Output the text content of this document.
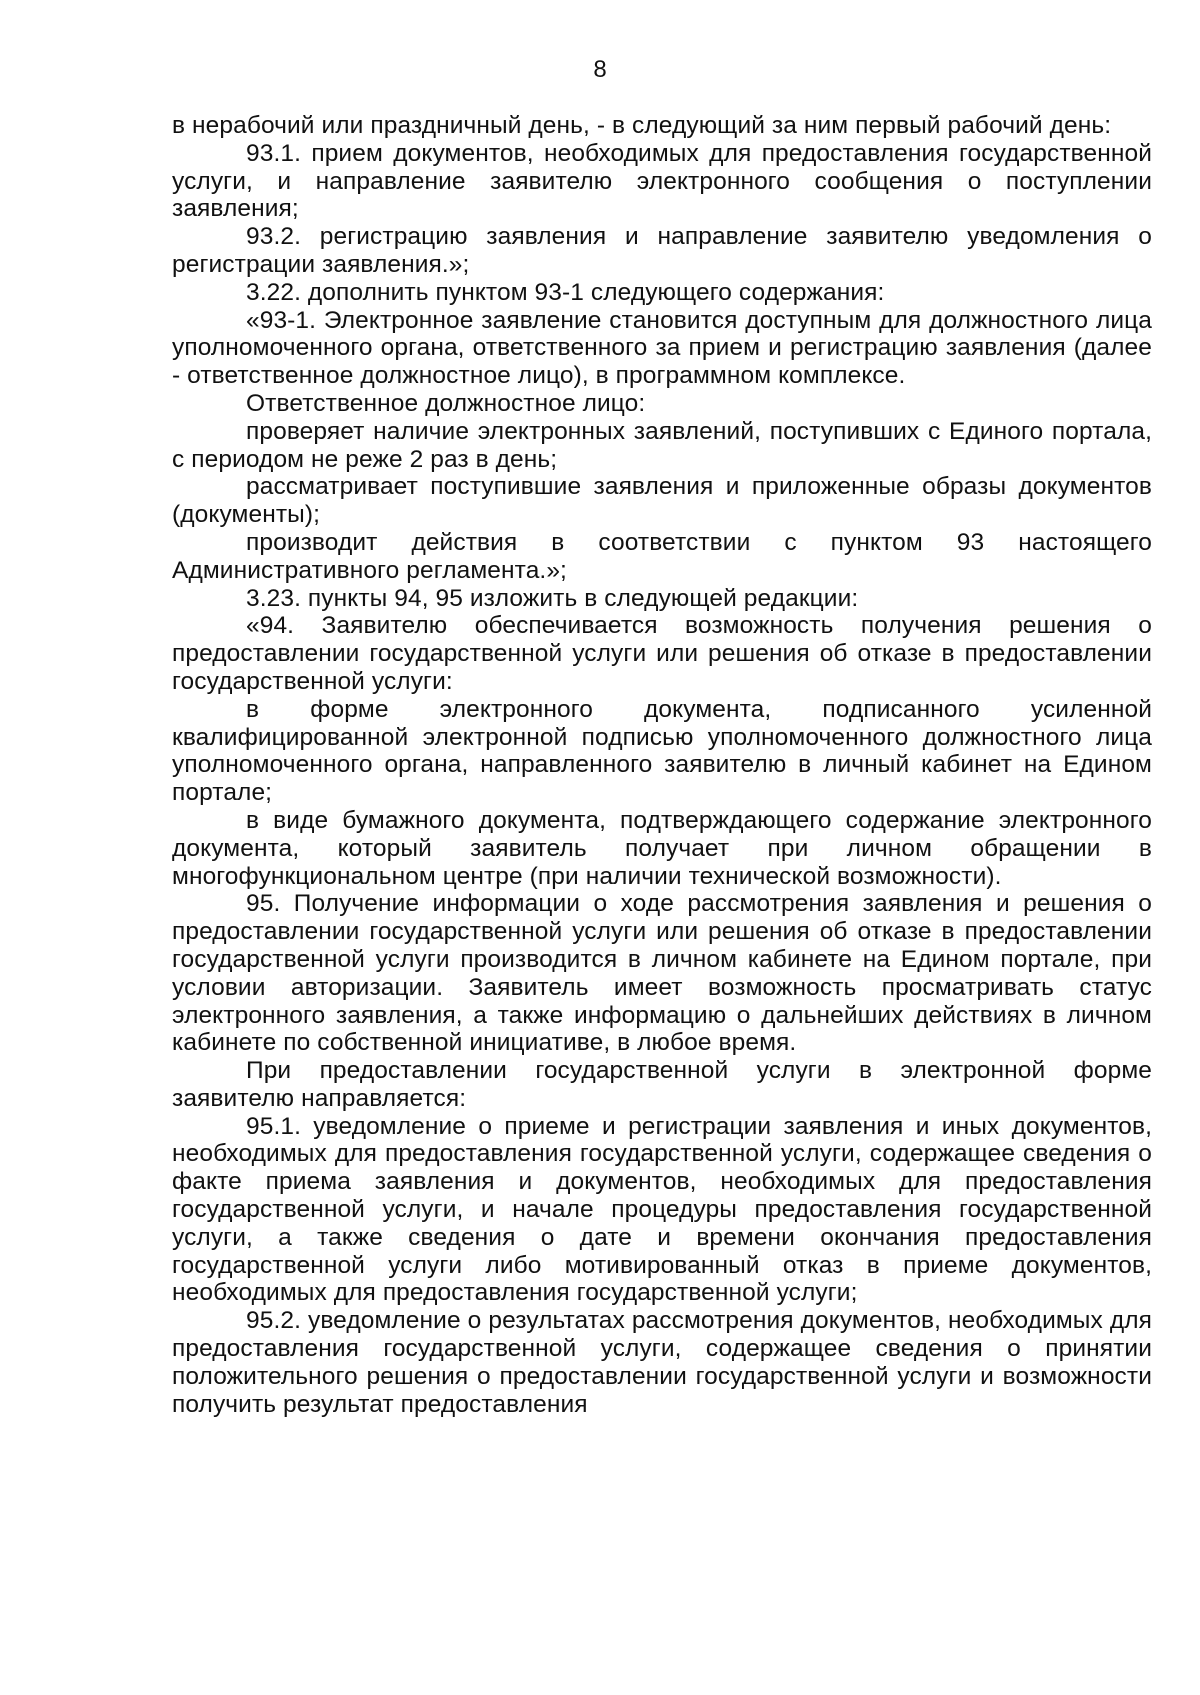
8

в нерабочий или праздничный день, - в следующий за ним первый рабочий день:

93.1. прием документов, необходимых для предоставления государственной услуги, и направление заявителю электронного сообщения о поступлении заявления;

93.2. регистрацию заявления и направление заявителю уведомления о регистрации заявления.»;

3.22. дополнить пунктом 93-1 следующего содержания:

«93-1. Электронное заявление становится доступным для должностного лица уполномоченного органа, ответственного за прием и регистрацию заявления (далее - ответственное должностное лицо), в программном комплексе.

Ответственное должностное лицо:

проверяет наличие электронных заявлений, поступивших с Единого портала, с периодом не реже 2 раз в день;

рассматривает поступившие заявления и приложенные образы документов (документы);

производит действия в соответствии с пунктом 93 настоящего Административного регламента.»;

3.23. пункты 94, 95 изложить в следующей редакции:

«94. Заявителю обеспечивается возможность получения решения о предоставлении государственной услуги или решения об отказе в предоставлении государственной услуги:

в форме электронного документа, подписанного усиленной квалифицированной электронной подписью уполномоченного должностного лица уполномоченного органа, направленного заявителю в личный кабинет на Едином портале;

в виде бумажного документа, подтверждающего содержание электронного документа, который заявитель получает при личном обращении в многофункциональном центре (при наличии технической возможности).

95. Получение информации о ходе рассмотрения заявления и решения о предоставлении государственной услуги или решения об отказе в предоставлении государственной услуги производится в личном кабинете на Едином портале, при условии авторизации. Заявитель имеет возможность просматривать статус электронного заявления, а также информацию о дальнейших действиях в личном кабинете по собственной инициативе, в любое время.

При предоставлении государственной услуги в электронной форме заявителю направляется:

95.1. уведомление о приеме и регистрации заявления и иных документов, необходимых для предоставления государственной услуги, содержащее сведения о факте приема заявления и документов, необходимых для предоставления государственной услуги, и начале процедуры предоставления государственной услуги, а также сведения о дате и времени окончания предоставления государственной услуги либо мотивированный отказ в приеме документов, необходимых для предоставления государственной услуги;

95.2. уведомление о результатах рассмотрения документов, необходимых для предоставления государственной услуги, содержащее сведения о принятии положительного решения о предоставлении государственной услуги и возможности получить результат предоставления
